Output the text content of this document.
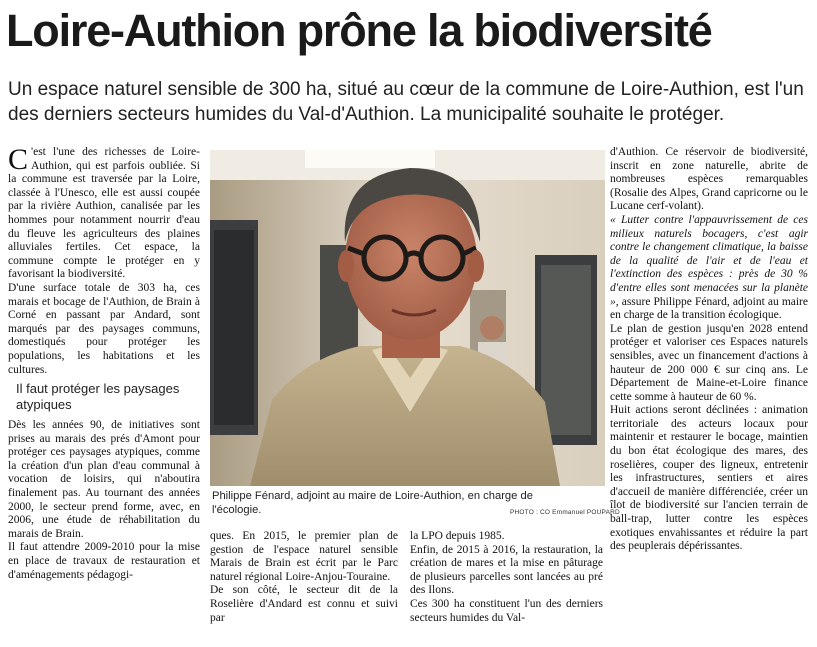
Loire-Authion prône la biodiversité
Un espace naturel sensible de 300 ha, situé au cœur de la commune de Loire-Authion, est l'un des derniers secteurs humides du Val-d'Authion. La municipalité souhaite le protéger.

C 'est l'une des richesses de Loire-Authion, qui est parfois oubliée. Si la commune est traversée par la Loire, classée à l'Unesco, elle est aussi coupée par la rivière Authion, canalisée par les hommes pour notamment nourrir d'eau du fleuve les agriculteurs des plaines alluviales fertiles. Cet espace, la commune compte le protéger en y favorisant la biodiversité.

D'une surface totale de 303 ha, ces marais et bocage de l'Authion, de Brain à Corné en passant par Andard, sont marqués par des paysages communs, domestiqués pour protéger les populations, les habitations et les cultures.

Il faut protéger les paysages atypiques

Dès les années 90, de initiatives sont prises au marais des prés d'Amont pour protéger ces paysages atypiques, comme la création d'un plan d'eau communal à vocation de loisirs, qui n'aboutira finalement pas. Au tournant des années 2000, le secteur prend forme, avec, en 2006, une étude de réhabilitation du marais de Brain.

Il faut attendre 2009-2010 pour la mise en place de travaux de restauration et d'aménagements pédagogi-

Philippe Fénard, adjoint au maire de Loire-Authion, en charge de l'écologie.	PHOTO : CO Emmanuel POUPARD

ques. En 2015, le premier plan de gestion de l'espace naturel sensible Marais de Brain est écrit par le Parc naturel régional Loire-Anjou-Touraine.

De son côté, le secteur dit de la Roselière d'Andard est connu et suivi par

la LPO depuis 1985.

Enfin, de 2015 à 2016, la restauration, la création de mares et la mise en pâturage de plusieurs parcelles sont lancées au pré des Ilons.

Ces 300 ha constituent l'un des derniers secteurs humides du Val-

d'Authion. Ce réservoir de biodiversité, inscrit en zone naturelle, abrite de nombreuses espèces remarquables (Rosalie des Alpes, Grand capricorne ou le Lucane cerf-volant).

« Lutter contre l'appauvrissement de ces milieux naturels bocagers, c'est agir contre le changement climatique, la baisse de la qualité de l'air et de l'eau et l'extinction des espèces : près de 30 % d'entre elles sont menacées sur la planète », assure Philippe Fénard, adjoint au maire en charge de la transition écologique.

Le plan de gestion jusqu'en 2028 entend protéger et valoriser ces Espaces naturels sensibles, avec un financement d'actions à hauteur de 200 000 € sur cinq ans. Le Département de Maine-et-Loire finance cette somme à hauteur de 60 %.

Huit actions seront déclinées : animation territoriale des acteurs locaux pour maintenir et restaurer le bocage, maintien du bon état écologique des mares, des roselières, couper des ligneux, entretenir les infrastructures, sentiers et aires d'accueil de manière différenciée, créer un îlot de biodiversité sur l'ancien terrain de ball-trap, lutter contre les espèces exotiques envahissantes et réduire la part des peuplerais dépérissantes.
